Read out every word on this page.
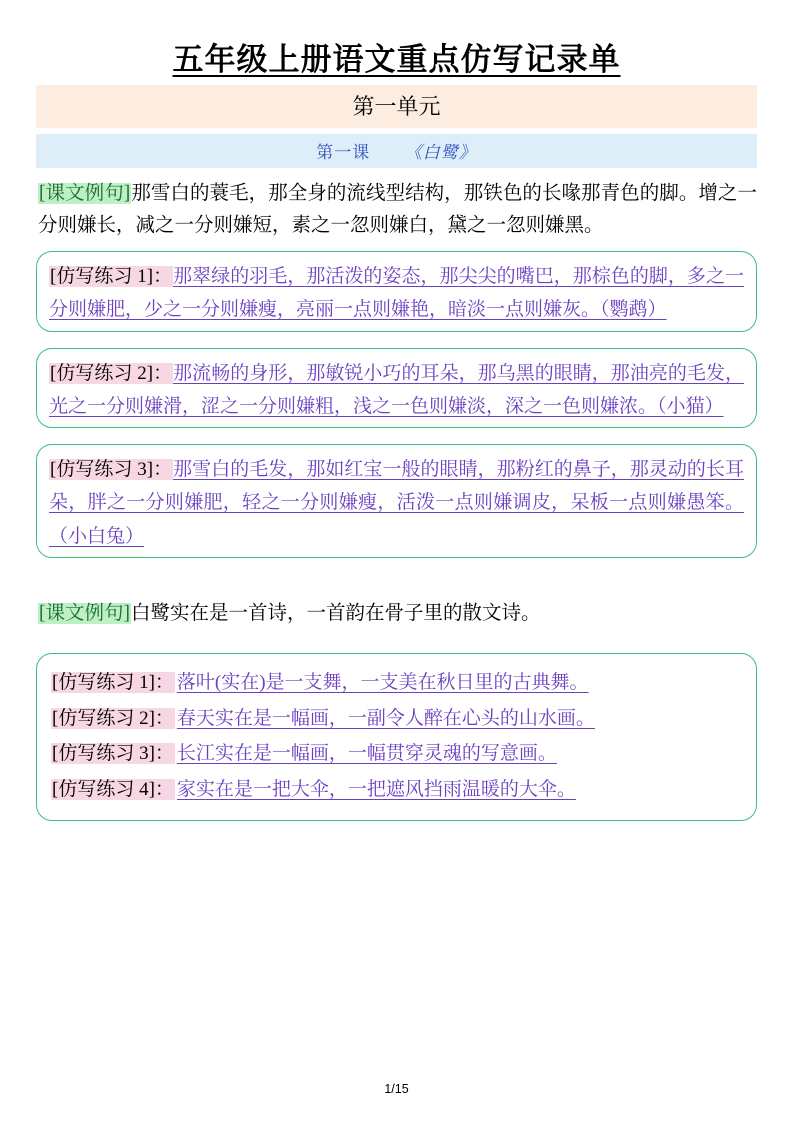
五年级上册语文重点仿写记录单
第一单元
第一课 《白鹭》
[课文例句]那雪白的蓑毛，那全身的流线型结构，那铁色的长喙那青色的脚。增之一分则嫌长，减之一分则嫌短，素之一忽则嫌白，黛之一忽则嫌黑。
[仿写练习 1]：那翠绿的羽毛，那活泼的姿态，那尖尖的嘴巴，那棕色的脚，多之一分则嫌肥，少之一分则嫌瘦，亮丽一点则嫌艳，暗淡一点则嫌灰。（鹦鹉）
[仿写练习 2]：那流畅的身形，那敏锐小巧的耳朵，那乌黑的眼睛，那油亮的毛发，光之一分则嫌滑，涩之一分则嫌粗，浅之一色则嫌淡，深之一色则嫌浓。（小猫）
[仿写练习 3]：那雪白的毛发，那如红宝一般的眼睛，那粉红的鼻子，那灵动的长耳朵，胖之一分则嫌肥，轻之一分则嫌瘦，活泼一点则嫌调皮，呆板一点则嫌愚笨。（小白兔）
[课文例句]白鹭实在是一首诗，一首韵在骨子里的散文诗。
[仿写练习 1]： 落叶(实在)是一支舞，一支美在秋日里的古典舞。
[仿写练习 2]： 春天实在是一幅画，一副令人醉在心头的山水画。
[仿写练习 3]： 长江实在是一幅画，一幅贯穿灵魂的写意画。
[仿写练习 4]： 家实在是一把大伞，一把遮风挡雨温暖的大伞。
1/15
